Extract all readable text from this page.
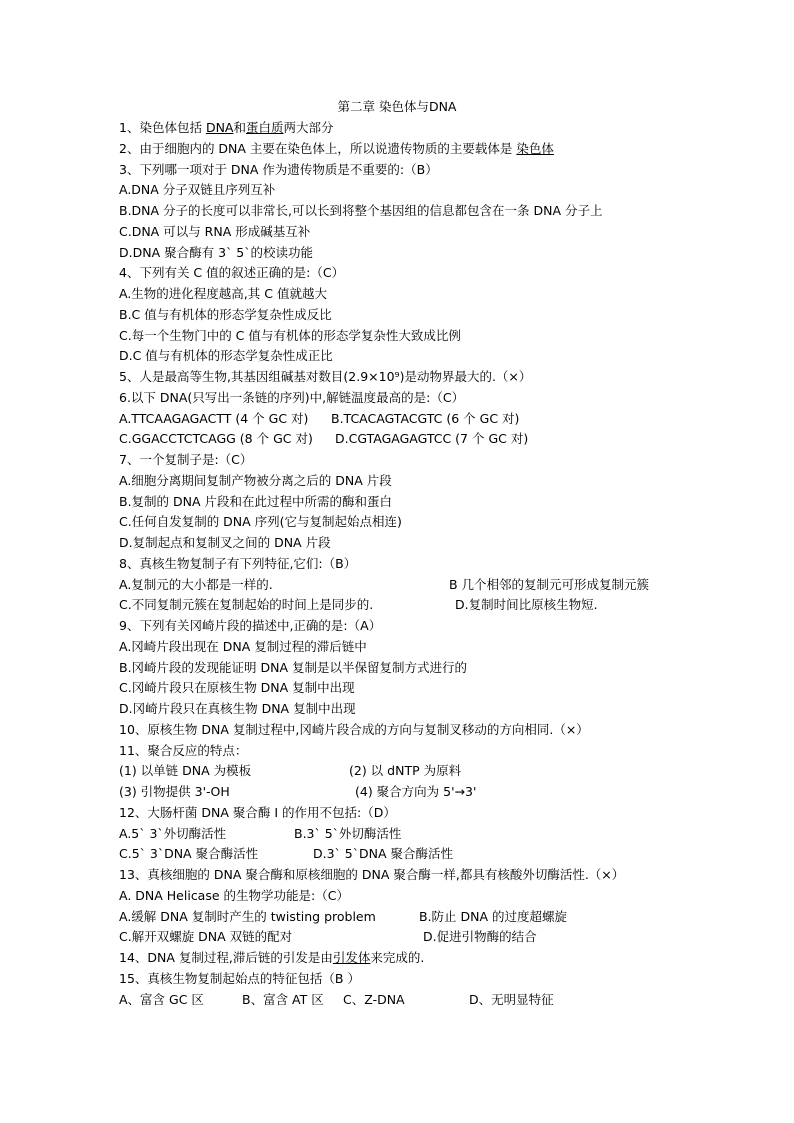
第二章 染色体与DNA
1、染色体包括 DNA和蛋白质两大部分
2、由于细胞内的 DNA 主要在染色体上，所以说遗传物质的主要载体是 染色体
3、下列哪一项对于 DNA 作为遗传物质是不重要的:（B）
A.DNA 分子双链且序列互补
B.DNA 分子的长度可以非常长,可以长到将整个基因组的信息都包含在一条 DNA 分子上
C.DNA 可以与 RNA 形成碱基互补
D.DNA 聚合酶有 3` 5`的校读功能
4、下列有关 C 值的叙述正确的是:（C）
A.生物的进化程度越高,其 C 值就越大
B.C 值与有机体的形态学复杂性成反比
C.每一个生物门中的 C 值与有机体的形态学复杂性大致成比例
D.C 值与有机体的形态学复杂性成正比
5、人是最高等生物,其基因组碱基对数目(2.9×10⁹)是动物界最大的.（×）
6.以下 DNA(只写出一条链的序列)中,解链温度最高的是:（C）
A.TTCAAGAGACTT (4 个 GC 对) B.TCACAGTACGTC (6 个 GC 对)
C.GGACCTCTCAGG (8 个 GC 对) D.CGTAGAGAGTCC (7 个 GC 对)
7、一个复制子是:（C）
A.细胞分离期间复制产物被分离之后的 DNA 片段
B.复制的 DNA 片段和在此过程中所需的酶和蛋白
C.任何自发复制的 DNA 序列(它与复制起始点相连)
D.复制起点和复制叉之间的 DNA 片段
8、真核生物复制子有下列特征,它们:（B）
A.复制元的大小都是一样的.	B 几个相邻的复制元可形成复制元簇
C.不同复制元簇在复制起始的时间上是同步的.	D.复制时间比原核生物短.
9、下列有关冈崎片段的描述中,正确的是:（A）
A.冈崎片段出现在 DNA 复制过程的滞后链中
B.冈崎片段的发现能证明 DNA 复制是以半保留复制方式进行的
C.冈崎片段只在原核生物 DNA 复制中出现
D.冈崎片段只在真核生物 DNA 复制中出现
10、原核生物 DNA 复制过程中,冈崎片段合成的方向与复制叉移动的方向相同.（×）
11、聚合反应的特点：
(1) 以单链 DNA 为模板	(2) 以 dNTP 为原料
(3) 引物提供 3'-OH	(4) 聚合方向为 5'→3'
12、大肠杆菌 DNA 聚合酶 I 的作用不包括:（D）
A.5` 3`外切酶活性	B.3` 5`外切酶活性
C.5` 3`DNA 聚合酶活性	D.3` 5`DNA 聚合酶活性
13、真核细胞的 DNA 聚合酶和原核细胞的 DNA 聚合酶一样,都具有核酸外切酶活性.（×）
A. DNA Helicase 的生物学功能是:（C）
A.缓解 DNA 复制时产生的 twisting problem	B.防止 DNA 的过度超螺旋
C.解开双螺旋 DNA 双链的配对	D.促进引物酶的结合
14、DNA 复制过程,滞后链的引发是由引发体来完成的.
15、真核生物复制起始点的特征包括（B ）
A、富含 GC 区	B、富含 AT 区 C、Z-DNA	D、无明显特征
